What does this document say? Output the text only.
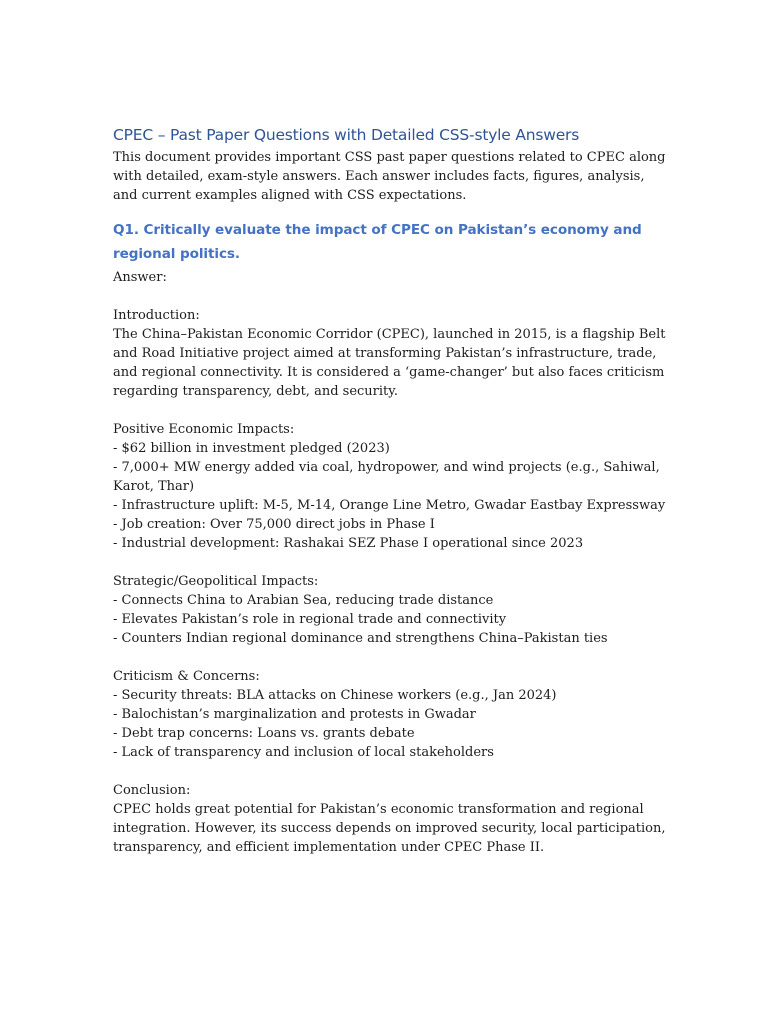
CPEC – Past Paper Questions with Detailed CSS-style Answers

This document provides important CSS past paper questions related to CPEC along with detailed, exam-style answers. Each answer includes facts, figures, analysis, and current examples aligned with CSS expectations.

Q1. Critically evaluate the impact of CPEC on Pakistan’s economy and regional politics.
Answer:
Introduction:
The China–Pakistan Economic Corridor (CPEC), launched in 2015, is a flagship Belt and Road Initiative project aimed at transforming Pakistan’s infrastructure, trade, and regional connectivity. It is considered a ‘game-changer’ but also faces criticism regarding transparency, debt, and security.
Positive Economic Impacts:
- $62 billion in investment pledged (2023)
- 7,000+ MW energy added via coal, hydropower, and wind projects (e.g., Sahiwal, Karot, Thar)
- Infrastructure uplift: M-5, M-14, Orange Line Metro, Gwadar Eastbay Expressway
- Job creation: Over 75,000 direct jobs in Phase I
- Industrial development: Rashakai SEZ Phase I operational since 2023
Strategic/Geopolitical Impacts:
- Connects China to Arabian Sea, reducing trade distance
- Elevates Pakistan’s role in regional trade and connectivity
- Counters Indian regional dominance and strengthens China–Pakistan ties
Criticism & Concerns:
- Security threats: BLA attacks on Chinese workers (e.g., Jan 2024)
- Balochistan’s marginalization and protests in Gwadar
- Debt trap concerns: Loans vs. grants debate
- Lack of transparency and inclusion of local stakeholders
Conclusion:
CPEC holds great potential for Pakistan’s economic transformation and regional integration. However, its success depends on improved security, local participation, transparency, and efficient implementation under CPEC Phase II.
